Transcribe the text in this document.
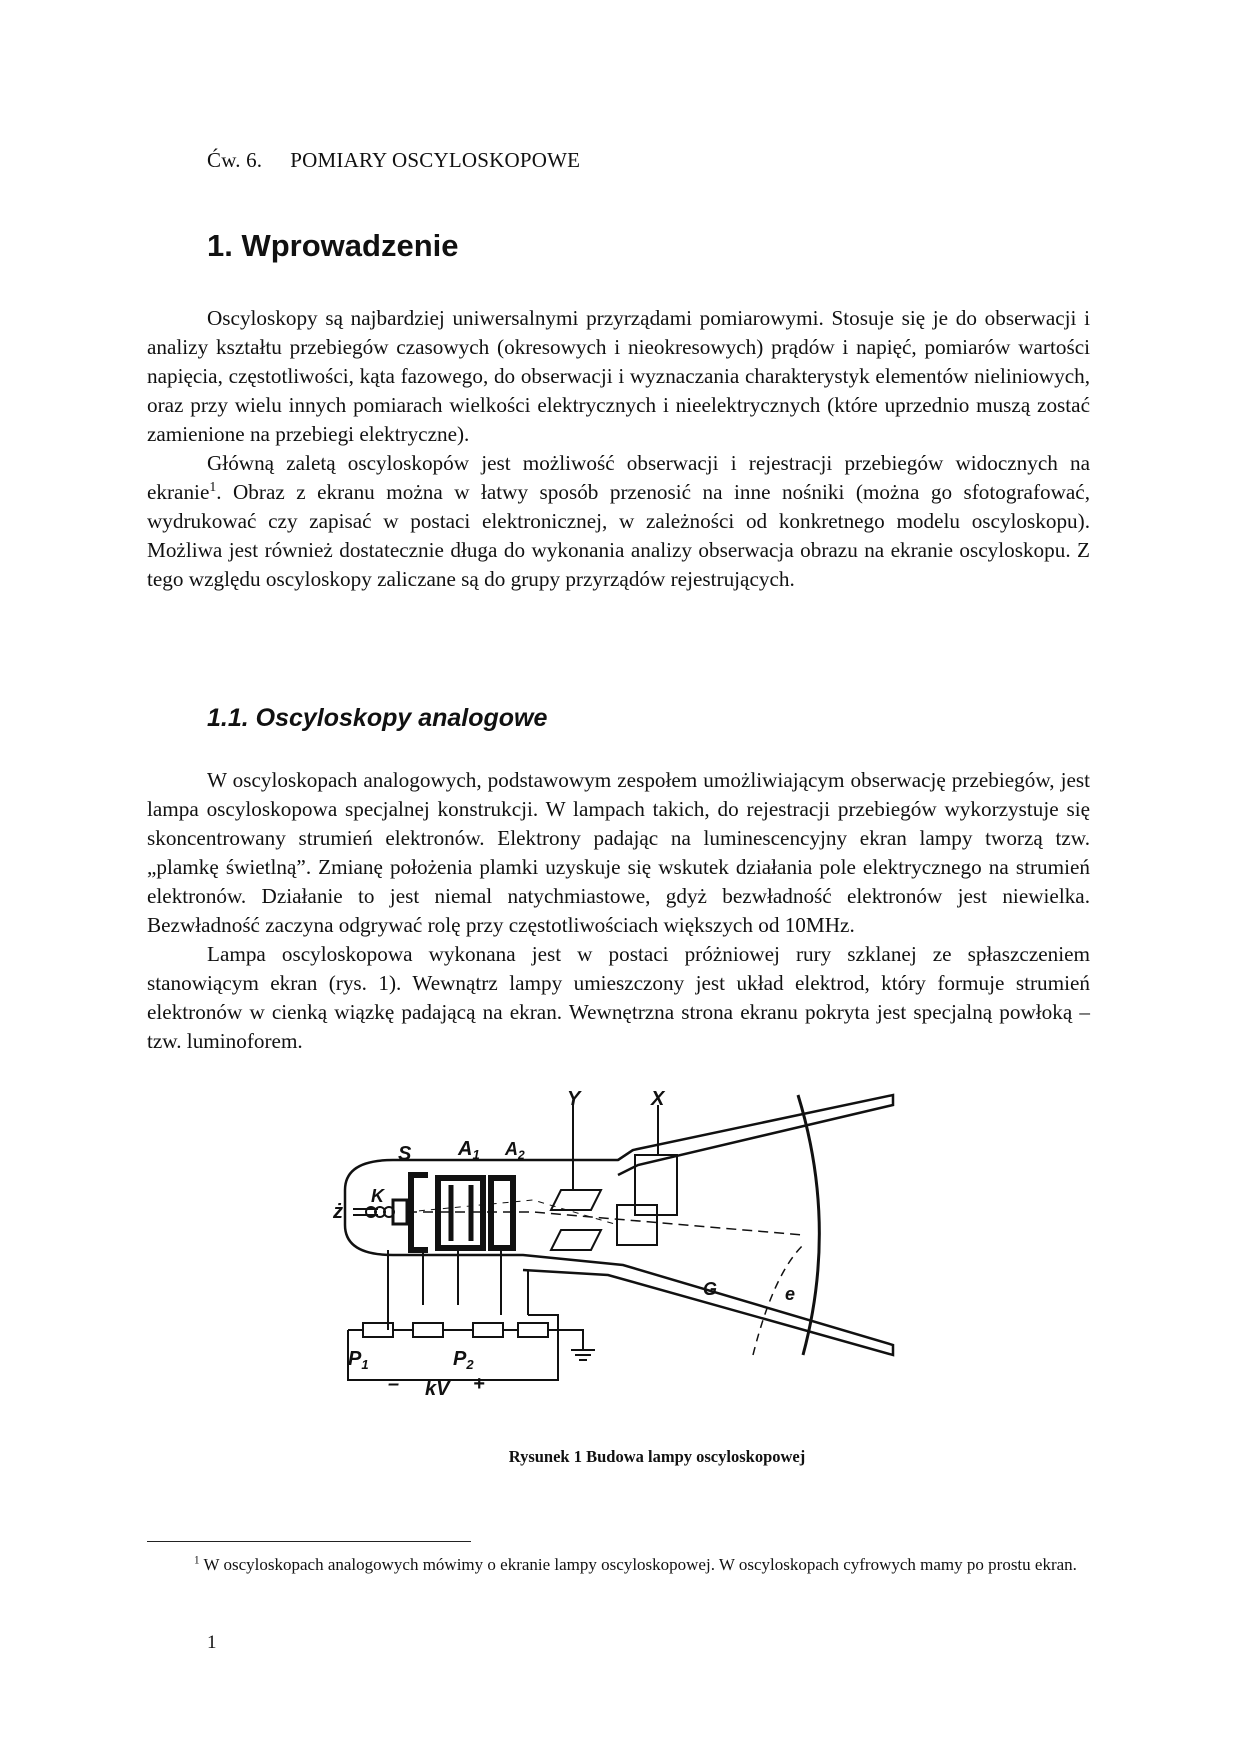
Ćw. 6. POMIARY OSCYLOSKOPOWE
1. Wprowadzenie

Oscyloskopy są najbardziej uniwersalnymi przyrządami pomiarowymi. Stosuje się je do obserwacji i analizy kształtu przebiegów czasowych (okresowych i nieokresowych) prądów i napięć, pomiarów wartości napięcia, częstotliwości, kąta fazowego, do obserwacji i wyznaczania charakterystyk elementów nieliniowych, oraz przy wielu innych pomiarach wielkości elektrycznych i nieelektrycznych (które uprzednio muszą zostać zamienione na przebiegi elektryczne).

Główną zaletą oscyloskopów jest możliwość obserwacji i rejestracji przebiegów widocznych na ekranie$^1$. Obraz z ekranu można w łatwy sposób przenosić na inne nośniki (można go sfotografować, wydrukować czy zapisać w postaci elektronicznej, w zależności od konkretnego modelu oscyloskopu). Możliwa jest również dostatecznie długa do wykonania analizy obserwacja obrazu na ekranie oscyloskopu. Z tego względu oscyloskopy zaliczane są do grupy przyrządów rejestrujących.

1.1. Oscyloskopy analogowe

W oscyloskopach analogowych, podstawowym zespołem umożliwiającym obserwację przebiegów, jest lampa oscyloskopowa specjalnej konstrukcji. W lampach takich, do rejestracji przebiegów wykorzystuje się skoncentrowany strumień elektronów. Elektrony padając na luminescencyjny ekran lampy tworzą tzw. „plamkę świetlną”. Zmianę położenia plamki uzyskuje się wskutek działania pole elektrycznego na strumień elektronów. Działanie to jest niemal natychmiastowe, gdyż bezwładność elektronów jest niewielka. Bezwładność zaczyna odgrywać rolę przy częstotliwościach większych od 10MHz.

Lampa oscyloskopowa wykonana jest w postaci próżniowej rury szklanej ze spłaszczeniem stanowiącym ekran (rys. 1). Wewnątrz lampy umieszczony jest układ elektrod, który formuje strumień elektronów w cienką wiązkę padającą na ekran. Wewnętrzna strona ekranu pokryta jest specjalną powłoką – tzw. luminoforem.

Y	X
S $A_1$ $A_2$
K
ż
G	e
$P_1$	$P_2$
– kV +
Rysunek 1 Budowa lampy oscyloskopowej
$^1$ W oscyloskopach analogowych mówimy o ekranie lampy oscyloskopowej. W oscyloskopach cyfrowych mamy po prostu ekran.
1
